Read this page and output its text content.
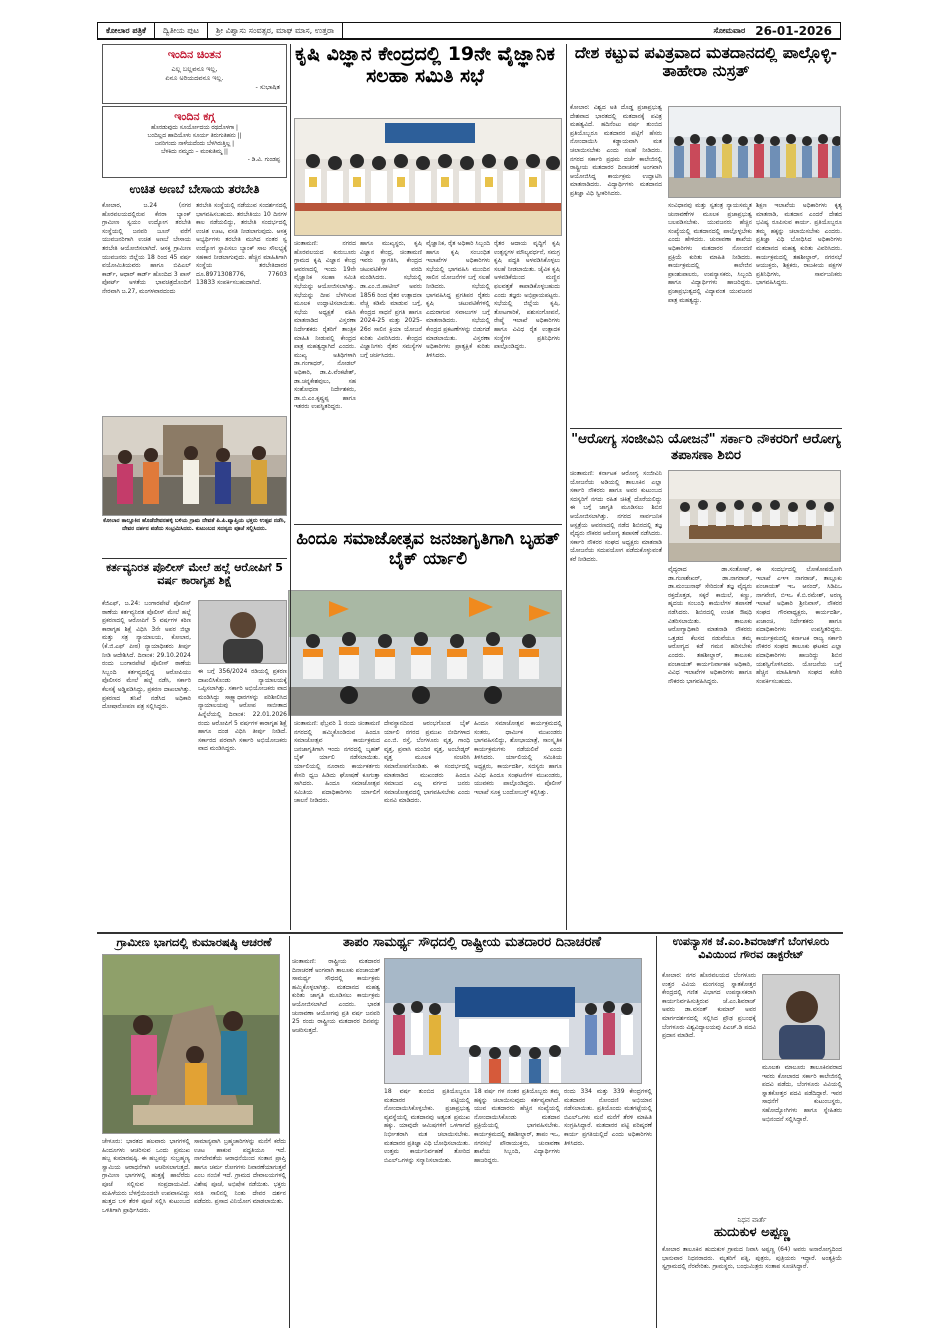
ಕೋಲಾರ ಪತ್ರಿಕೆ	ದ್ವಿತೀಯ ಪುಟ	ಶ್ರೀ ವಿಶ್ವಾಸು ಸಂವತ್ಸರ, ಮಾಘ ಮಾಸ, ಉತ್ತರಾ	ಸೋಮವಾರ 26-01-2026
ಇಂದಿನ ಚಿಂತನ
ಎಲ್ಲ ಬಲ್ಲವನೂ ಇಲ್ಲ,
ಏನೂ ಅರಿಯದವನೂ ಇಲ್ಲ.
- ಸುಭಾಷಿತ
ಇಂದಿನ ಕಗ್ಗ
ಹೊರಡುವುದು ಸೂರ್ಯೋದಯ ರಥದೊಳಗಾ |
ಬಂದಿಲ್ಲದ ಹಾದಿಯೊಳು ಸೂರ್ಯ ತಿರುಗುತಿಹನು ||
ಜನರಿಗಂದು ನಾಳೆಯದೆಂದು ಬೆಳಗಿರುತ್ತಿಲ್ಲ |
ಬೆಳಕಿದು ನಮ್ಮದು – ಮಂಕುತಿಮ್ಮ ||
- ಡಿ.ವಿ. ಗುಂಡಪ್ಪ
ಉಚಿತ ಅಣಬೆ ಬೇಸಾಯ ತರಬೇತಿ
ಕೋಲಾರ, ಜ.24 (ನಗರ ಹೊರವಲಯದಲ್ಲಿರುವ ಕೆನರಾ ಬ್ಯಾಂಕ್ ಗ್ರಾಮೀಣ ಸ್ವಯಂ ಉದ್ಯೋಗ ತರಬೇತಿ ಸಂಸ್ಥೆಯಲ್ಲಿ ಜನವರಿ ಜೂನ್ ವರೆಗೆ ಯುವಜನರಿಗಾಗಿ ಉಚಿತ ಅಣಬೆ ಬೇಸಾಯ ತರಬೇತಿ ಆಯೋಜಿಸಲಾಗಿದೆ. ಆಸಕ್ತ ಗ್ರಾಮೀಣ ಯುವಜನರು ಜಿಲ್ಲೆಯ 18 ರಿಂದ 45 ವರ್ಷ ವಯೋಮಿತಿಯವರು ಹಾಗೂ ಬಿಪಿಎಲ್ ಕಾರ್ಡ್, ಆಧಾರ್ ಕಾರ್ಡ್ ಹೊಂದಿದ 3 ಪಾಸ್ ಪೋರ್ಟ್ ಅಳತೆಯ ಭಾವಚಿತ್ರದೊಂದಿಗೆ ನೇರವಾಗಿ ಜ.27, ಮಂಗಳವಾರದಂದು
ತರಬೇತಿ ಸಂಸ್ಥೆಯಲ್ಲಿ ನಡೆಯುವ ಸಂದರ್ಶನದಲ್ಲಿ ಭಾಗವಹಿಸಬಹುದು. ತರಬೇತಿಯು 10 ದಿನಗಳ ಕಾಲ ನಡೆಯಲಿದ್ದು, ತರಬೇತಿ ಸಂದರ್ಭದಲ್ಲಿ ಉಚಿತ ಊಟ, ವಸತಿ ನೀಡಲಾಗುವುದು. ಆಸಕ್ತ ಅಭ್ಯರ್ಥಿಗಳು ತರಬೇತಿ ಮುಗಿದ ನಂತರ ಸ್ವ ಉದ್ಯೋಗ ಸ್ಥಾಪಿಸಲು ಬ್ಯಾಂಕ್ ಸಾಲ ಸೌಲಭ್ಯಕ್ಕೆ ಸಹಕಾರ ನೀಡಲಾಗುವುದು. ಹೆಚ್ಚಿನ ಮಾಹಿತಿಗಾಗಿ ಸಂಸ್ಥೆಯ ತರಬೇತಿದಾರರ ದೂ.8971308776, 77603 13833 ಸಂಪರ್ಕಿಸಬಹುದಾಗಿದೆ.
ಕೋಲಾರ ತಾಲ್ಲೂಕಿನ ಹೊಡೆದೇವನಹಳ್ಳಿ ಬಳಿಯ ಗ್ರಾಮ ದೇವತೆ ಪಿ.ಪಿ.ವ್ಯಾಪ್ತಿಯ ಭಕ್ತರು ಉತ್ಸವ ನಡೆಸಿ, ದೇವರ ದರ್ಶನ ಪಡೆದು ಸಂಭ್ರಮಿಸಿದರು. ಕುಟುಂಬದ ಸದಸ್ಯರು ಪೂಜೆ ಸಲ್ಲಿಸಿದರು.
ಕರ್ತವ್ಯನಿರತ ಪೊಲೀಸ್ ಮೇಲೆ ಹಲ್ಲೆ ಆರೋಪಿಗೆ 5 ವರ್ಷ ಕಾರಾಗೃಹ ಶಿಕ್ಷೆ
ಕೆಜಿಎಫ್, ಜ.24: ಬಂಗಾರಪೇಟೆ ಪೊಲೀಸ್ ಠಾಣೆಯ ಕರ್ತವ್ಯನಿರತ ಪೊಲೀಸ್ ಮೇಲೆ ಹಲ್ಲೆ ಪ್ರಕರಣದಲ್ಲಿ ಆರೋಪಿಗೆ 5 ವರ್ಷಗಳ ಕಠಿಣ ಕಾರಾಗೃಹ ಶಿಕ್ಷೆ ವಿಧಿಸಿ 3ನೇ ಅಪರ ಜಿಲ್ಲಾ ಮತ್ತು ಸತ್ರ ನ್ಯಾಯಾಲಯ, ಕೋಲಾರ, (ಕೆ.ಜಿ.ಎಫ್ ಪೀಠ) ನ್ಯಾಯಾಧೀಶರು ತೀರ್ಪು ನೀಡಿ ಆದೇಶಿಸಿದೆ. ದಿನಾಂಕ: 29.10.2024 ರಂದು ಬಂಗಾರಪೇಟೆ ಪೊಲೀಸ್ ಠಾಣೆಯ ಸಿಬ್ಬಂದಿ ಕರ್ತವ್ಯದಲ್ಲಿದ್ದ ಆರೋಪಿಯು ಪೊಲೀಸರ ಮೇಲೆ ಹಲ್ಲೆ ನಡೆಸಿ, ಸರ್ಕಾರಿ ಕೆಲಸಕ್ಕೆ ಅಡ್ಡಿಪಡಿಸಿದ್ದು, ಪ್ರಕರಣ ದಾಖಲಾಗಿತ್ತು. ಪ್ರಕರಣದ ತನಿಖೆ ನಡೆಸಿದ ಅಧಿಕಾರಿ ದೋಷಾರೋಪಣ ಪತ್ರ ಸಲ್ಲಿಸಿದ್ದರು.
ಈ ಬಗ್ಗೆ 356/2024 ರಡಿಯಲ್ಲಿ ಪ್ರಕರಣ ದಾಖಲಿಸಿಕೊಂಡು ನ್ಯಾಯಾಲಯಕ್ಕೆ ಒಪ್ಪಿಸಲಾಗಿತ್ತು. ಸರ್ಕಾರಿ ಅಭಿಯೋಜಕರು ವಾದ ಮಂಡಿಸಿದ್ದು ಸಾಕ್ಷ್ಯಾಧಾರಗಳನ್ನು ಪರಿಶೀಲಿಸಿದ ನ್ಯಾಯಾಲಯವು ಆರೋಪ ಸಾಬೀತಾದ ಹಿನ್ನೆಲೆಯಲ್ಲಿ ದಿನಾಂಕ: 22.01.2026 ರಂದು ಆರೋಪಿಗೆ 5 ವರ್ಷಗಳ ಕಾರಾಗೃಹ ಶಿಕ್ಷೆ ಹಾಗೂ ದಂಡ ವಿಧಿಸಿ ತೀರ್ಪು ನೀಡಿದೆ. ಸರ್ಕಾರದ ಪರವಾಗಿ ಸರ್ಕಾರಿ ಅಭಿಯೋಜಕರು ವಾದ ಮಂಡಿಸಿದ್ದರು.
ಕೃಷಿ ವಿಜ್ಞಾನ ಕೇಂದ್ರದಲ್ಲಿ 19ನೇ ವೈಜ್ಞಾನಿಕ ಸಲಹಾ ಸಮಿತಿ ಸಭೆ
ಚಿಂತಾಮಣಿ: ನಗರದ ಹೊರವಲಯದ ಕುರುಬೂರು ಗ್ರಾಮದ ಕೃಷಿ ವಿಜ್ಞಾನ ಕೇಂದ್ರ ಆವರಣದಲ್ಲಿ ಇಂದು 19ನೇ ವೈಜ್ಞಾನಿಕ ಸಲಹಾ ಸಮಿತಿ ಸಭೆಯನ್ನು ಆಯೋಜಿಸಲಾಗಿತ್ತು. ಸಭೆಯನ್ನು ದೀಪ ಬೆಳಗಿಸುವ ಮೂಲಕ ಉದ್ಘಾಟಿಸಲಾಯಿತು. ಸಭೆಯ ಅಧ್ಯಕ್ಷತೆ ವಹಿಸಿ ಮಾತನಾಡಿದ ವಿಸ್ತರಣಾ ನಿರ್ದೇಶಕರು ರೈತರಿಗೆ ತಾಂತ್ರಿಕ ಮಾಹಿತಿ ನೀಡುವಲ್ಲಿ ಕೇಂದ್ರದ ಪಾತ್ರ ಮಹತ್ವದ್ದಾಗಿದೆ ಎಂದರು. ಮುಖ್ಯ ಅತಿಥಿಗಳಾಗಿ ಡಾ.ಗಂಗಾಧರ್, ನೋಡಲ್ ಅಧಿಕಾರಿ, ಡಾ.ಪಿ.ವೆಂಕಟೇಶ್, ಡಾ.ಚನ್ನಕೇಶವುಲು, ಸಹ ಸಂಶೋಧನಾ ನಿರ್ದೇಶಕರು, ಡಾ.ಬಿ.ಎಂ.ಕೃಷ್ಣಪ್ಪ ಹಾಗೂ ಇತರರು ಉಪಸ್ಥಿತರಿದ್ದರು.
ಹಾಗೂ ಮುಖ್ಯಸ್ಥರು, ಕೃಷಿ ವಿಜ್ಞಾನ ಕೇಂದ್ರ, ಚಿಂತಾಮಣಿ ಇವರು ಸ್ವಾಗತಿಸಿ, ಕೇಂದ್ರದ ಚಟುವಟಿಕೆಗಳ ವರದಿ ಮಂಡಿಸಿದರು. ಸಭೆಯಲ್ಲಿ ಡಾ.ಎಂ.ಜಿ.ಪಾಟೀಲ್ ಅವರು 1856 ರಿಂದ ರೈತರ ಉತ್ಪಾದನಾ ವೆಚ್ಚ ಕಡಿಮೆ ಮಾಡುವ ಬಗ್ಗೆ, ಕೇಂದ್ರದ ಸಾಧನೆ ಪ್ರಗತಿ ಹಾಗೂ 2024-25 ಮತ್ತು 2025-26ರ ಸಾಲಿನ ಕ್ರಿಯಾ ಯೋಜನೆ ಕುರಿತು ವಿವರಿಸಿದರು. ಕೇಂದ್ರದ ವಿಜ್ಞಾನಿಗಳು ರೈತರ ಸಮಸ್ಯೆಗಳ ಬಗ್ಗೆ ಚರ್ಚಿಸಿದರು.
ವೈಜ್ಞಾನಿಕ, ರೈತ ಅಧಿಕಾರಿ ಸಿಬ್ಬಂದಿ ಹಾಗೂ ಕೃಷಿ ಸಂಬಂಧಿತ ಇಲಾಖೆಗಳ ಅಧಿಕಾರಿಗಳು ಸಭೆಯಲ್ಲಿ ಭಾಗವಹಿಸಿ ಮುಂದಿನ ಸಾಲಿನ ಯೋಜನೆಗಳ ಬಗ್ಗೆ ಸಲಹೆ ನೀಡಿದರು. ಸಭೆಯಲ್ಲಿ ಭಾಗವಹಿಸಿದ್ದ ಪ್ರಗತಿಪರ ರೈತರು ಕೃಷಿ ಚಟುವಟಿಕೆಗಳಲ್ಲಿ ಎದುರಾಗುವ ಸವಾಲುಗಳ ಬಗ್ಗೆ ಮಾತನಾಡಿದರು. ಸಭೆಯಲ್ಲಿ ಕೇಂದ್ರದ ಪ್ರಕಟಣೆಗಳನ್ನು ಬಿಡುಗಡೆ ಮಾಡಲಾಯಿತು. ವಿಸ್ತರಣಾ ಅಧಿಕಾರಿಗಳು ಪ್ರಾತ್ಯಕ್ಷಿಕೆ ಕುರಿತು ತಿಳಿಸಿದರು.
ರೈತರ ಆದಾಯ ವೃದ್ಧಿಗೆ ಕೃಷಿ ಉತ್ಪನ್ನಗಳ ಮೌಲ್ಯವರ್ಧನೆ, ಸಮಗ್ರ ಕೃಷಿ ಪದ್ಧತಿ ಅಳವಡಿಸಿಕೊಳ್ಳಲು ಸಲಹೆ ನೀಡಲಾಯಿತು. ಜೈವಿಕ ಕೃಷಿ ಅಳವಡಿಕೆಯಿಂದ ಮಣ್ಣಿನ ಫಲವತ್ತತೆ ಕಾಪಾಡಿಕೊಳ್ಳಬಹುದು ಎಂದು ತಜ್ಞರು ಅಭಿಪ್ರಾಯಪಟ್ಟರು. ಸಭೆಯಲ್ಲಿ ಜಿಲ್ಲೆಯ ಕೃಷಿ, ತೋಟಗಾರಿಕೆ, ಪಶುಸಂಗೋಪನೆ, ರೇಷ್ಮೆ ಇಲಾಖೆ ಅಧಿಕಾರಿಗಳು ಹಾಗೂ ವಿವಿಧ ರೈತ ಉತ್ಪಾದಕ ಸಂಸ್ಥೆಗಳ ಪ್ರತಿನಿಧಿಗಳು ಪಾಲ್ಗೊಂಡಿದ್ದರು.
ಹಿಂದೂ ಸಮಾಜೋತ್ಸವ ಜನಜಾಗೃತಿಗಾಗಿ ಬೃಹತ್ ಬೈಕ್ ರ್ಯಾಲಿ
ಚಿಂತಾಮಣಿ: ಫೆಬ್ರವರಿ 1 ರಂದು ಚಿಂತಾಮಣಿ ನಗರದಲ್ಲಿ ಹಮ್ಮಿಕೊಂಡಿರುವ ಹಿಂದೂ ಸಮಾಜೋತ್ಸವ ಕಾರ್ಯಕ್ರಮದ ಜನಜಾಗೃತಿಗಾಗಿ ಇಂದು ನಗರದಲ್ಲಿ ಬೃಹತ್ ಬೈಕ್ ರ್ಯಾಲಿ ನಡೆಸಲಾಯಿತು. ರ್ಯಾಲಿಯಲ್ಲಿ ನೂರಾರು ಕಾರ್ಯಕರ್ತರು ಕೇಸರಿ ಧ್ವಜ ಹಿಡಿದು ಘೋಷಣೆ ಕೂಗುತ್ತಾ ಸಾಗಿದರು. ಹಿಂದೂ ಸಮಾಜೋತ್ಸವ ಸಮಿತಿಯ ಪದಾಧಿಕಾರಿಗಳು ರ್ಯಾಲಿಗೆ ಚಾಲನೆ ನೀಡಿದರು.
ದೇವಸ್ಥಾನದಿಂದ ಆರಂಭಗೊಂಡ ಬೈಕ್ ರ್ಯಾಲಿ ನಗರದ ಪ್ರಮುಖ ಬೀದಿಗಳಾದ ಎಂ.ಜಿ. ರಸ್ತೆ, ಬೆಂಗಳೂರು ವೃತ್ತ, ಗಾಂಧಿ ವೃತ್ತ, ಪ್ರವಾಸಿ ಮಂದಿರ ವೃತ್ತ, ಅಂಬೇಡ್ಕರ್ ವೃತ್ತ ಮೂಲಕ ಸಂಚರಿಸಿ ಸಮಾರೋಪಗೊಂಡಿತು. ಈ ಸಂದರ್ಭದಲ್ಲಿ ಮಾತನಾಡಿದ ಮುಖಂಡರು ಹಿಂದೂ ಸಮಾಜದ ಎಲ್ಲ ವರ್ಗದ ಜನರು ಸಮಾಜೋತ್ಸವದಲ್ಲಿ ಭಾಗವಹಿಸಬೇಕು ಎಂದು ಮನವಿ ಮಾಡಿದರು.
ಹಿಂದೂ ಸಮಾಜೋತ್ಸವ ಕಾರ್ಯಕ್ರಮದಲ್ಲಿ ಸಂತರು, ಧಾರ್ಮಿಕ ಮುಖಂಡರು ಭಾಗವಹಿಸಲಿದ್ದು, ಶೋಭಾಯಾತ್ರೆ, ಸಾಂಸ್ಕೃತಿಕ ಕಾರ್ಯಕ್ರಮಗಳು ನಡೆಯಲಿವೆ ಎಂದು ತಿಳಿಸಿದರು. ರ್ಯಾಲಿಯಲ್ಲಿ ಸಮಿತಿಯ ಅಧ್ಯಕ್ಷರು, ಕಾರ್ಯದರ್ಶಿ, ಸದಸ್ಯರು ಹಾಗೂ ವಿವಿಧ ಹಿಂದೂ ಸಂಘಟನೆಗಳ ಮುಖಂಡರು, ಯುವಕರು ಪಾಲ್ಗೊಂಡಿದ್ದರು. ಪೊಲೀಸ್ ಇಲಾಖೆ ಸೂಕ್ತ ಬಂದೋಬಸ್ತ್ ಕಲ್ಪಿಸಿತ್ತು.
ದೇಶ ಕಟ್ಟುವ ಪವಿತ್ರವಾದ ಮತದಾನದಲ್ಲಿ ಪಾಲ್ಗೊಳ್ಳಿ-ತಾಹೇರಾ ನುಸ್ರತ್
ಕೋಲಾರ: ವಿಶ್ವದ ಅತಿ ದೊಡ್ಡ ಪ್ರಜಾಪ್ರಭುತ್ವ ದೇಶವಾದ ಭಾರತದಲ್ಲಿ ಮತದಾನಕ್ಕೆ ಪವಿತ್ರ ಮಹತ್ವವಿದೆ. ಹದಿನೆಂಟು ವರ್ಷ ತುಂಬಿದ ಪ್ರತಿಯೊಬ್ಬರೂ ಮತದಾರರ ಪಟ್ಟಿಗೆ ಹೆಸರು ನೋಂದಾಯಿಸಿ ಕಡ್ಡಾಯವಾಗಿ ಮತ ಚಲಾಯಿಸಬೇಕು ಎಂದು ಸಲಹೆ ನೀಡಿದರು. ನಗರದ ಸರ್ಕಾರಿ ಪ್ರಥಮ ದರ್ಜೆ ಕಾಲೇಜಿನಲ್ಲಿ ರಾಷ್ಟ್ರೀಯ ಮತದಾರರ ದಿನಾಚರಣೆ ಅಂಗವಾಗಿ ಆಯೋಜಿಸಿದ್ದ ಕಾರ್ಯಕ್ರಮ ಉದ್ಘಾಟಿಸಿ ಮಾತನಾಡಿದರು. ವಿದ್ಯಾರ್ಥಿಗಳು ಮತದಾನದ ಪ್ರತಿಜ್ಞಾ ವಿಧಿ ಸ್ವೀಕರಿಸಿದರು.
ಸಂವಿಧಾನವು ಮತ್ತು ಸ್ವತಂತ್ರ ನ್ಯಾಯಸಮ್ಮತ ಚುನಾವಣೆಗಳ ಮೂಲಕ ಪ್ರಜಾಪ್ರಭುತ್ವ ಬಲಪಡಿಸಬೇಕು. ಯುವಜನರು ಹೆಚ್ಚಿನ ಸಂಖ್ಯೆಯಲ್ಲಿ ಮತದಾನದಲ್ಲಿ ಪಾಲ್ಗೊಳ್ಳಬೇಕು ಎಂದು ಹೇಳಿದರು. ಚುನಾವಣಾ ಶಾಖೆಯ ಅಧಿಕಾರಿಗಳು ಮತದಾರರ ನೋಂದಣಿ ಪ್ರಕ್ರಿಯೆ ಕುರಿತು ಮಾಹಿತಿ ನೀಡಿದರು. ಕಾರ್ಯಕ್ರಮದಲ್ಲಿ ಕಾಲೇಜಿನ ಪ್ರಾಂಶುಪಾಲರು, ಉಪನ್ಯಾಸಕರು, ಸಿಬ್ಬಂದಿ ಹಾಗೂ ವಿದ್ಯಾರ್ಥಿಗಳು ಹಾಜರಿದ್ದರು. ಪ್ರಜಾಪ್ರಭುತ್ವದಲ್ಲಿ ವಿದ್ಯಾವಂತ ಯುವಜನರ ಪಾತ್ರ ಮಹತ್ವದ್ದು.
ಶಿಕ್ಷಣ ಇಲಾಖೆಯ ಅಧಿಕಾರಿಗಳು ಕೃತ್ಯ ಮಾತನಾಡಿ, ಮತದಾನ ಎಂದರೆ ದೇಶದ ಭವಿಷ್ಯ ರೂಪಿಸುವ ಕಾರ್ಯ. ಪ್ರತಿಯೊಬ್ಬರೂ ತಮ್ಮ ಹಕ್ಕನ್ನು ಚಲಾಯಿಸಬೇಕು ಎಂದರು. ಪ್ರತಿಜ್ಞಾ ವಿಧಿ ಬೋಧಿಸಿದ ಅಧಿಕಾರಿಗಳು ಮತದಾನದ ಮಹತ್ವ ಕುರಿತು ವಿವರಿಸಿದರು. ಕಾರ್ಯಕ್ರಮದಲ್ಲಿ ತಹಶೀಲ್ದಾರ್, ನಗರಸಭೆ ಆಯುಕ್ತರು, ಶಿಕ್ಷಕರು, ರಾಜಕೀಯ ಪಕ್ಷಗಳ ಪ್ರತಿನಿಧಿಗಳು, ಸಾರ್ವಜನಿಕರು ಭಾಗವಹಿಸಿದ್ದರು.
"ಆರೋಗ್ಯ ಸಂಜೀವಿನಿ ಯೋಜನೆ" ಸರ್ಕಾರಿ ನೌಕರರಿಗೆ ಆರೋಗ್ಯ ತಪಾಸಣಾ ಶಿಬಿರ
ಚಿಂತಾಮಣಿ: ಕರ್ನಾಟಕ ಆರೋಗ್ಯ ಸಂಜೀವಿನಿ ಯೋಜನೆಯ ಅಡಿಯಲ್ಲಿ ತಾಲೂಕಿನ ಎಲ್ಲಾ ಸರ್ಕಾರಿ ನೌಕರರು ಹಾಗೂ ಅವರ ಕುಟುಂಬದ ಸದಸ್ಯರಿಗೆ ನಗದು ರಹಿತ ಚಿಕಿತ್ಸೆ ದೊರೆಯಲಿದ್ದು ಈ ಬಗ್ಗೆ ಜಾಗೃತಿ ಮೂಡಿಸಲು ಶಿಬಿರ ಆಯೋಜಿಸಲಾಗಿತ್ತು. ನಗರದ ಸಾರ್ವಜನಿಕ ಆಸ್ಪತ್ರೆಯ ಆವರಣದಲ್ಲಿ ನಡೆದ ಶಿಬಿರದಲ್ಲಿ ತಜ್ಞ ವೈದ್ಯರು ನೌಕರರ ಆರೋಗ್ಯ ತಪಾಸಣೆ ನಡೆಸಿದರು. ಸರ್ಕಾರಿ ನೌಕರರ ಸಂಘದ ಅಧ್ಯಕ್ಷರು ಮಾತನಾಡಿ ಯೋಜನೆಯ ಸದುಪಯೋಗ ಪಡೆದುಕೊಳ್ಳುವಂತೆ ಕರೆ ನೀಡಿದರು.
ವೈದ್ಯರಾದ ಡಾ.ಸಂತೋಷ್, ಡಾ.ಗುಣಶೇಖರ್, ಡಾ.ನಾಗರಾಜ್, ಡಾ.ಮಂಜುನಾಥ್ ಸೇರಿದಂತೆ ತಜ್ಞ ವೈದ್ಯರು ರಕ್ತದೊತ್ತಡ, ಸಕ್ಕರೆ ಕಾಯಿಲೆ, ಕಣ್ಣು, ಹೃದಯ ಸಂಬಂಧಿ ಕಾಯಿಲೆಗಳ ತಪಾಸಣೆ ನಡೆಸಿದರು. ಶಿಬಿರದಲ್ಲಿ ಉಚಿತ ಔಷಧಿ ವಿತರಿಸಲಾಯಿತು. ತಾಲೂಕು ಆರೋಗ್ಯಾಧಿಕಾರಿ ಮಾತನಾಡಿ ನೌಕರರು ಒತ್ತಡದ ಕೆಲಸದ ನಡುವೆಯೂ ತಮ್ಮ ಆರೋಗ್ಯದ ಕಡೆ ಗಮನ ಹರಿಸಬೇಕು ಎಂದರು. ತಹಶೀಲ್ದಾರ್, ತಾಲೂಕು ಪಂಚಾಯತ್ ಕಾರ್ಯನಿರ್ವಾಹಕ ಅಧಿಕಾರಿ, ವಿವಿಧ ಇಲಾಖೆಗಳ ಅಧಿಕಾರಿಗಳು ಹಾಗೂ ನೌಕರರು ಭಾಗವಹಿಸಿದ್ದರು.
ಈ ಸಂದರ್ಭದಲ್ಲಿ ಲೋಕೋಪಯೋಗಿ ಇಲಾಖೆ ಎಇಇ ನಾಗರಾಜ್, ತಾಲ್ಲೂಕು ಪಂಚಾಯತ್ ಇಒ ಆನಂದ್, ಸಿಡಿಪಿಒ ನಾಗವೇಣಿ, ಬಿಇಒ ಕೆ.ಬಿ.ರಮೇಶ್, ಅರಣ್ಯ ಇಲಾಖೆ ಅಧಿಕಾರಿ ಶ್ರೀನಿವಾಸ್, ನೌಕರರ ಸಂಘದ ಗೌರವಾಧ್ಯಕ್ಷರು, ಕಾರ್ಯದರ್ಶಿ, ಖಜಾಂಚಿ, ನಿರ್ದೇಶಕರು ಹಾಗೂ ಪದಾಧಿಕಾರಿಗಳು ಉಪಸ್ಥಿತರಿದ್ದರು. ಕಾರ್ಯಕ್ರಮದಲ್ಲಿ ಕರ್ನಾಟಕ ರಾಜ್ಯ ಸರ್ಕಾರಿ ನೌಕರರ ಸಂಘದ ತಾಲೂಕು ಘಟಕದ ಎಲ್ಲಾ ಪದಾಧಿಕಾರಿಗಳು ಹಾಜರಿದ್ದು ಶಿಬಿರ ಯಶಸ್ವಿಗೊಳಿಸಿದರು. ಯೋಜನೆಯ ಬಗ್ಗೆ ಹೆಚ್ಚಿನ ಮಾಹಿತಿಗಾಗಿ ಸಂಘದ ಕಚೇರಿ ಸಂಪರ್ಕಿಸಬಹುದು.
ಗ್ರಾಮೀಣ ಭಾಗದಲ್ಲಿ ಕುಮಾರಷಷ್ಠಿ ಆಚರಣೆ
ಚೇಳೂರು: ಭಾರತದ ಹಲವಾರು ಭಾಗಗಳಲ್ಲಿ ಹಿಂದೂಗಳು ಆಚರಿಸುವ ಒಂದು ಪ್ರಮುಖ ಹಬ್ಬ ಕುಮಾರಷಷ್ಠಿ. ಈ ಹಬ್ಬವನ್ನು ಸುಬ್ರಹ್ಮಣ್ಯ ಸ್ವಾಮಿಯ ಆರಾಧನೆಗಾಗಿ ಆಚರಿಸಲಾಗುತ್ತದೆ. ಗ್ರಾಮೀಣ ಭಾಗಗಳಲ್ಲಿ ಹುತ್ತಕ್ಕೆ ಹಾಲೆರೆದು ಪೂಜೆ ಸಲ್ಲಿಸುವ ಸಂಪ್ರದಾಯವಿದೆ. ಮಹಿಳೆಯರು ಬೆಳಗ್ಗೆಯಿಂದಲೇ ಉಪವಾಸವಿದ್ದು ಹುತ್ತದ ಬಳಿ ತೆರಳಿ ಪೂಜೆ ಸಲ್ಲಿಸಿ ಕುಟುಂಬದ ಒಳಿತಿಗಾಗಿ ಪ್ರಾರ್ಥಿಸಿದರು.
ಸಾಮಾನ್ಯವಾಗಿ ಬ್ರಹ್ಮಚಾರಿಗಳನ್ನು ಮನೆಗೆ ಕರೆದು ಊಟ ಹಾಕುವ ಪದ್ಧತಿಯೂ ಇದೆ. ನಾಗದೇವತೆಯ ಆರಾಧನೆಯಿಂದ ಸಂತಾನ ಪ್ರಾಪ್ತಿ ಹಾಗೂ ಚರ್ಮ ರೋಗಗಳು ನಿವಾರಣೆಯಾಗುತ್ತವೆ ಎಂಬ ನಂಬಿಕೆ ಇದೆ. ಗ್ರಾಮದ ದೇವಾಲಯಗಳಲ್ಲಿ ವಿಶೇಷ ಪೂಜೆ, ಅಭಿಷೇಕ ನಡೆಯಿತು. ಭಕ್ತರು ಸರತಿ ಸಾಲಿನಲ್ಲಿ ನಿಂತು ದೇವರ ದರ್ಶನ ಪಡೆದರು. ಪ್ರಸಾದ ವಿನಿಯೋಗ ಮಾಡಲಾಯಿತು.
ತಾಪಂ ಸಾಮರ್ಥ್ಯ ಸೌಧದಲ್ಲಿ ರಾಷ್ಟ್ರೀಯ ಮತದಾರರ ದಿನಾಚರಣೆ
ಚಿಂತಾಮಣಿ: ರಾಷ್ಟ್ರೀಯ ಮತದಾರರ ದಿನಾಚರಣೆ ಅಂಗವಾಗಿ ತಾಲೂಕು ಪಂಚಾಯತ್ ಸಾಮರ್ಥ್ಯ ಸೌಧದಲ್ಲಿ ಕಾರ್ಯಕ್ರಮ ಹಮ್ಮಿಕೊಳ್ಳಲಾಗಿತ್ತು. ಮತದಾನದ ಮಹತ್ವ ಕುರಿತು ಜಾಗೃತಿ ಮೂಡಿಸಲು ಕಾರ್ಯಕ್ರಮ ಆಯೋಜಿಸಲಾಗಿದೆ ಎಂದರು. ಭಾರತ ಚುನಾವಣಾ ಆಯೋಗವು ಪ್ರತಿ ವರ್ಷ ಜನವರಿ 25 ರಂದು ರಾಷ್ಟ್ರೀಯ ಮತದಾರರ ದಿನವನ್ನು ಆಚರಿಸುತ್ತದೆ.
18 ವರ್ಷ ತುಂಬಿದ ಪ್ರತಿಯೊಬ್ಬರೂ ಮತದಾರರ ಪಟ್ಟಿಯಲ್ಲಿ ನೋಂದಾಯಿಸಿಕೊಳ್ಳಬೇಕು. ಪ್ರಜಾಪ್ರಭುತ್ವ ವ್ಯವಸ್ಥೆಯಲ್ಲಿ ಮತದಾನವು ಅತ್ಯಂತ ಪ್ರಮುಖ ಹಕ್ಕು. ಯಾವುದೇ ಆಮಿಷಗಳಿಗೆ ಒಳಗಾಗದೆ ನಿರ್ಭೀತರಾಗಿ ಮತ ಚಲಾಯಿಸಬೇಕು. ಮತದಾರರ ಪ್ರತಿಜ್ಞಾ ವಿಧಿ ಬೋಧಿಸಲಾಯಿತು. ಉತ್ತಮ ಕಾರ್ಯನಿರ್ವಹಣೆ ತೋರಿದ ಬಿಎಲ್‌ಒಗಳನ್ನು ಸನ್ಮಾನಿಸಲಾಯಿತು.
18 ವರ್ಷ ಗಳ ನಂತರ ಪ್ರತಿಯೊಬ್ಬರು ತಮ್ಮ ಹಕ್ಕನ್ನು ಚಲಾಯಿಸುವುದು ಕರ್ತವ್ಯವಾಗಿದೆ. ಯುವ ಮತದಾರರು ಹೆಚ್ಚಿನ ಸಂಖ್ಯೆಯಲ್ಲಿ ನೋಂದಾಯಿಸಿಕೊಂಡು ಮತದಾನ ಪ್ರಕ್ರಿಯೆಯಲ್ಲಿ ಭಾಗವಹಿಸಬೇಕು. ಕಾರ್ಯಕ್ರಮದಲ್ಲಿ ತಹಶೀಲ್ದಾರ್, ತಾಪಂ ಇಒ, ನಗರಸಭೆ ಪೌರಾಯುಕ್ತರು, ಚುನಾವಣಾ ಶಾಖೆಯ ಸಿಬ್ಬಂದಿ, ವಿದ್ಯಾರ್ಥಿಗಳು ಹಾಜರಿದ್ದರು.
ರಂದು 334 ಮತ್ತು 339 ಕೇಂದ್ರಗಳಲ್ಲಿ ಮತದಾರರ ನೋಂದಣಿ ಅಭಿಯಾನ ನಡೆಸಲಾಯಿತು. ಪ್ರತಿಯೊಂದು ಮತಗಟ್ಟೆಯಲ್ಲಿ ಬಿಎಲ್‌ಒಗಳು ಮನೆ ಮನೆಗೆ ತೆರಳಿ ಮಾಹಿತಿ ಸಂಗ್ರಹಿಸಿದ್ದಾರೆ. ಮತದಾರರ ಪಟ್ಟಿ ಪರಿಷ್ಕರಣೆ ಕಾರ್ಯ ಪ್ರಗತಿಯಲ್ಲಿದೆ ಎಂದು ಅಧಿಕಾರಿಗಳು ತಿಳಿಸಿದರು.
ಉಪನ್ಯಾಸಕ ಜೆ.ಎಂ.ಶಿವರಾಜ್‌ಗೆ ಬೆಂಗಳೂರು ವಿವಿಯಿಂದ ಗೌರವ ಡಾಕ್ಟರೇಟ್
ಕೋಲಾರ: ನಗರ ಹೊರವಲಯದ ಬೆಂಗಳೂರು ಉತ್ತರ ವಿವಿಯ ಮಂಗಸಂದ್ರ ಸ್ನಾತಕೋತ್ತರ ಕೇಂದ್ರದಲ್ಲಿ ಗಣಿತ ವಿಭಾಗದ ಉಪನ್ಯಾಸಕರಾಗಿ ಕಾರ್ಯನಿರ್ವಹಿಸುತ್ತಿರುವ ಜೆ.ಎಂ.ಶಿವರಾಜ್ ಅವರು ಡಾ.ವಸಂತ್ ಕುಮಾರ್ ಅವರ ಮಾರ್ಗದರ್ಶನದಲ್ಲಿ ಸಲ್ಲಿಸಿದ ಪ್ರೌಢ ಪ್ರಬಂಧಕ್ಕೆ ಬೆಂಗಳೂರು ವಿಶ್ವವಿದ್ಯಾಲಯವು ಪಿಎಚ್.ಡಿ ಪದವಿ ಪ್ರದಾನ ಮಾಡಿದೆ.
ಮೂಲತಃ ಮಾಲೂರು ತಾಲೂಕಿನವರಾದ ಇವರು ಕೋಲಾರದ ಸರ್ಕಾರಿ ಕಾಲೇಜಿನಲ್ಲಿ ಪದವಿ ಪಡೆದು, ಬೆಂಗಳೂರು ವಿವಿಯಲ್ಲಿ ಸ್ನಾತಕೋತ್ತರ ಪದವಿ ಪಡೆದಿದ್ದಾರೆ. ಇವರ ಸಾಧನೆಗೆ ಕುಟುಂಬಸ್ಥರು, ಸಹೋದ್ಯೋಗಿಗಳು ಹಾಗೂ ಸ್ನೇಹಿತರು ಅಭಿನಂದನೆ ಸಲ್ಲಿಸಿದ್ದಾರೆ.
ನಿಧನ ವಾರ್ತೆ
ಹುದುಕುಳ ಅಪ್ಪಣ್ಣ
ಕೋಲಾರ ತಾಲೂಕಿನ ಹುದುಕುಳ ಗ್ರಾಮದ ನಿವಾಸಿ ಅಪ್ಪಣ್ಣ (64) ಅವರು ಅನಾರೋಗ್ಯದಿಂದ ಭಾನುವಾರ ನಿಧನರಾದರು. ಮೃತರಿಗೆ ಪತ್ನಿ, ಪುತ್ರರು, ಪುತ್ರಿಯರು ಇದ್ದಾರೆ. ಅಂತ್ಯಕ್ರಿಯೆ ಸ್ವಗ್ರಾಮದಲ್ಲಿ ನೆರವೇರಿತು. ಗ್ರಾಮಸ್ಥರು, ಬಂಧುಮಿತ್ರರು ಸಂತಾಪ ಸೂಚಿಸಿದ್ದಾರೆ.
